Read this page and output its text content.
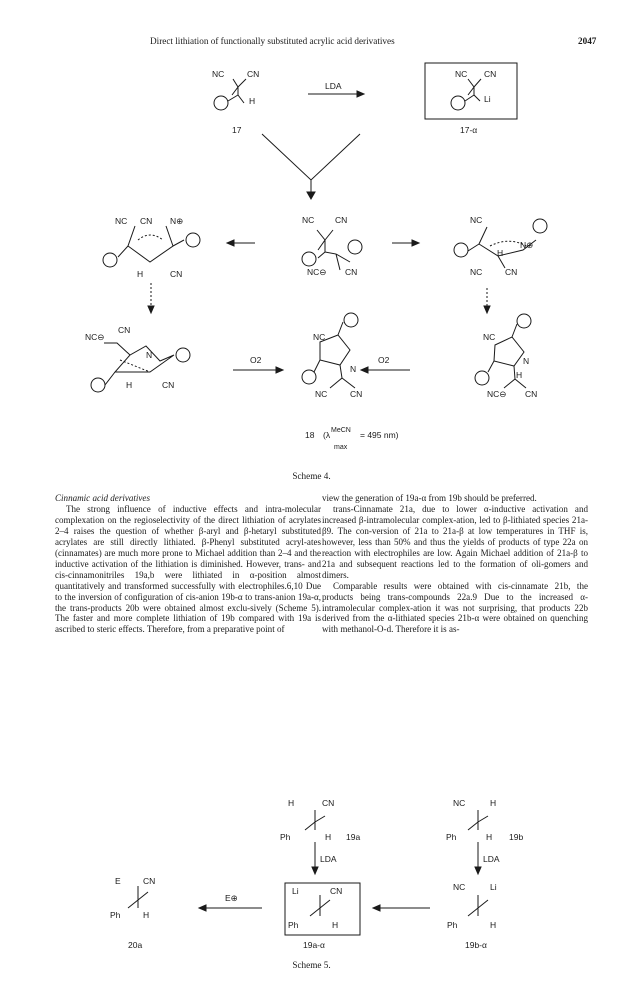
Direct lithiation of functionally substituted acrylic acid derivatives	2047
NC	CN
H
17
LDA
NC CN
Li
17-α
NC CN N⊕
H	CN
NC CN
NC⊖ CN
NC
N⊕
H
NC	CN
NC⊖
CN
N
H	CN
O2
NC
N
NC	CN
O2
NC
N
H
NC⊖ CN
18 (λ MeCN
max
= 495 nm)
Scheme 4.
Cinnamic acid derivatives

The strong influence of inductive effects and intra-molecular complexation on the regioselectivity of the direct lithiation of acrylates 2–4 raises the question of whether β-aryl and β-hetaryl substituted acrylates are still directly lithiated. β-Phenyl substituted acryl-ates (cinnamates) are much more prone to Michael addition than 2–4 and the inductive activation of the lithiation is diminished. However, trans- and cis-cinnamonitriles 19a,b were lithiated in α-position almost quantitatively and transformed successfully with electrophiles.6,10 Due to the inversion of configuration of cis-anion 19b-α to trans-anion 19a-α, the trans-products 20b were obtained almost exclu-sively (Scheme 5). The faster and more complete lithiation of 19b compared with 19a is ascribed to steric effects. Therefore, from a preparative point of

view the generation of 19a-α from 19b should be preferred.

trans-Cinnamate 21a, due to lower α-inductive activation and increased β-intramolecular complex-ation, led to β-lithiated species 21a-β9. The con-version of 21a to 21a-β at low temperatures in THF is, however, less than 50% and thus the yields of products of type 22a on reaction with electrophiles are low. Again Michael addition of 21a-β to 21a and subsequent reactions led to the formation of oli-gomers and dimers.

Comparable results were obtained with cis-cinnamate 21b, the products being trans-compounds 22a.9 Due to the increased α-intramolecular complex-ation it was not surprising, that products 22b derived from the α-lithiated species 21b-α were obtained on quenching with methanol-O-d. Therefore it is as-

H	CN
Ph	H 19a
NC	H
Ph	H 19b
LDA	LDA
Li	CN
Ph	H
NC	Li
Ph	H
E	CN
Ph	H
E⊕
20a	19a-α	19b-α
Scheme 5.
